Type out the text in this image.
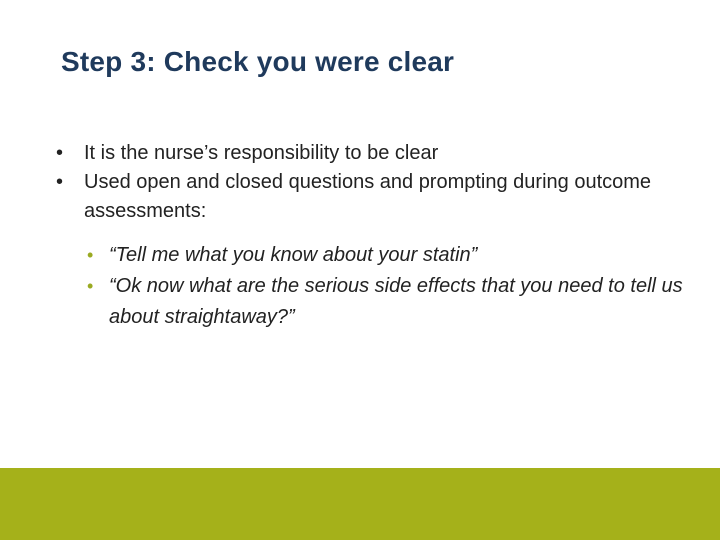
Step 3: Check you were clear
• It is the nurse’s responsibility to be clear
• Used open and closed questions and prompting during outcome assessments:
• “Tell me what you know about your statin”
• “Ok now what are the serious side effects that you need to tell us about straightaway?”
